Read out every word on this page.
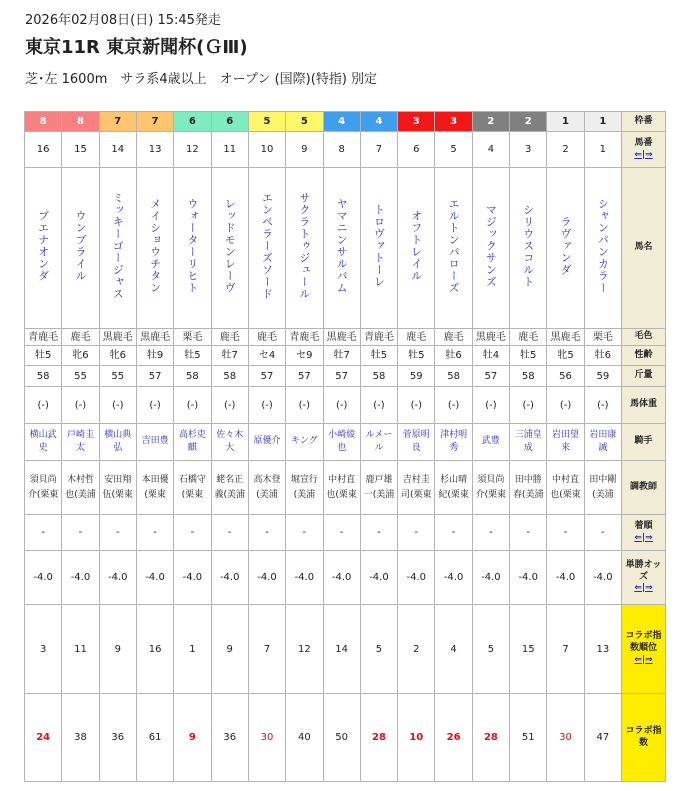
2026年02月08日(日) 15:45発走
東京11R 東京新聞杯(ＧⅢ)
芝･左 1600m　サラ系4歳以上　オープン (国際)(特指) 別定
8	8	7	7	6	6	5	5	4	4	3	3	2	2	1	1	枠番
16	15	14	13	12	11	10	9	8	7	6	5	4	3	2	1	馬番
⇐|⇒
ブエナオンダ	ウンブライル	ミッキーゴージャス	メイショウチタン	ウォーターリヒト	レッドモンレーヴ	エンペラーズソード	サクラトゥジュール	ヤマニンサルバム	トロヴァトーレ	オフトレイル	エルトンバローズ	マジックサンズ	シリウスコルト	ラヴァンダ	シャンパンカラー	馬名
青鹿毛	鹿毛	黒鹿毛	黒鹿毛	栗毛	鹿毛	鹿毛	青鹿毛	黒鹿毛	青鹿毛	鹿毛	鹿毛	黒鹿毛	鹿毛	黒鹿毛	栗毛	毛色
牡5	牝6	牝6	牡9	牡5	牡7	セ4	セ9	牡7	牡5	牡5	牡6	牡4	牡5	牝5	牡6	性齢
58	55	55	57	58	58	57	57	57	58	59	58	57	58	56	59	斤量
(-)	(-)	(-)	(-)	(-)	(-)	(-)	(-)	(-)	(-)	(-)	(-)	(-)	(-)	(-)	(-)	馬体重

横山武史	戸崎圭太	横山典弘	吉田豊	高杉吏麒	佐々木大	原優介	キング	小崎綾也	ルメール	菅原明良	津村明秀	武豊	三浦皇成	岩田望来	岩田康誠	騎手

須貝尚介(栗東	木村哲也(美浦	安田翔伍(栗東	本田優(栗東	石橋守(栗東	蛯名正義(美浦	高木登(美浦	堀宣行(美浦	中村直也(栗東	鹿戸雄一(美浦	吉村圭司(栗東	杉山晴紀(栗東	須貝尚介(栗東	田中勝春(美浦	中村直也(栗東	田中剛(美浦	調教師
-	-	-	-	-	-	-	-	-	-	-	-	-	-	-	-	着順
⇐|⇒
-4.0	-4.0	-4.0	-4.0	-4.0	-4.0	-4.0	-4.0	-4.0	-4.0	-4.0	-4.0	-4.0	-4.0	-4.0	-4.0	単勝オッズ
⇐|⇒
3	11	9	16	1	9	7	12	14	5	2	4	5	15	7	13	コラボ指数順位
⇐|⇒
24	38	36	61	9	36	30	40	50	28	10	26	28	51	30	47	コラボ指数
